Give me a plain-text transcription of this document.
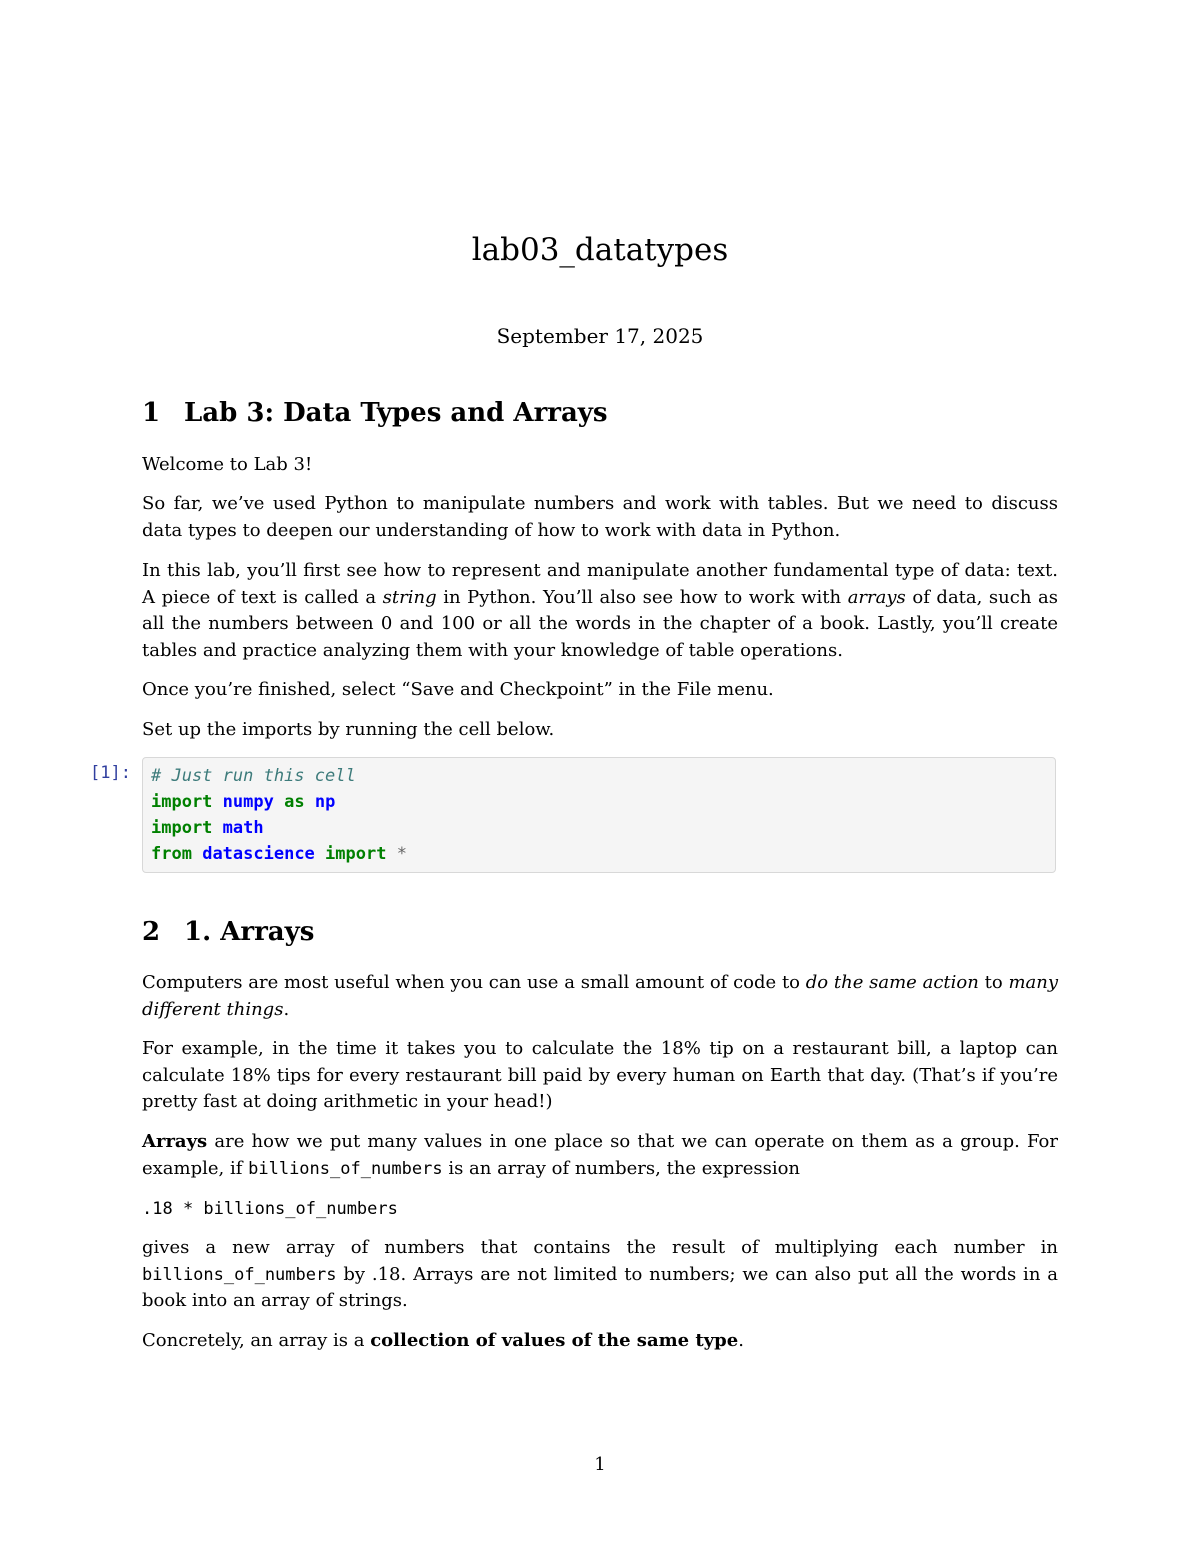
lab03_datatypes
September 17, 2025
1 Lab 3: Data Types and Arrays

Welcome to Lab 3!

So far, we’ve used Python to manipulate numbers and work with tables. But we need to discuss data types to deepen our understanding of how to work with data in Python.

In this lab, you’ll first see how to represent and manipulate another fundamental type of data: text. A piece of text is called a string in Python. You’ll also see how to work with arrays of data, such as all the numbers between 0 and 100 or all the words in the chapter of a book. Lastly, you’ll create tables and practice analyzing them with your knowledge of table operations.

Once you’re finished, select “Save and Checkpoint” in the File menu.

Set up the imports by running the cell below.

[1]:	# Just run this cell
import numpy as np
import math
from datascience import *
2 1. Arrays

Computers are most useful when you can use a small amount of code to do the same action to many different things.

For example, in the time it takes you to calculate the 18% tip on a restaurant bill, a laptop can calculate 18% tips for every restaurant bill paid by every human on Earth that day. (That’s if you’re pretty fast at doing arithmetic in your head!)

Arrays are how we put many values in one place so that we can operate on them as a group. For example, if billions_of_numbers is an array of numbers, the expression

.18 * billions_of_numbers

gives a new array of numbers that contains the result of multiplying each number in billions_of_numbers by .18. Arrays are not limited to numbers; we can also put all the words in a book into an array of strings.

Concretely, an array is a collection of values of the same type.

1
